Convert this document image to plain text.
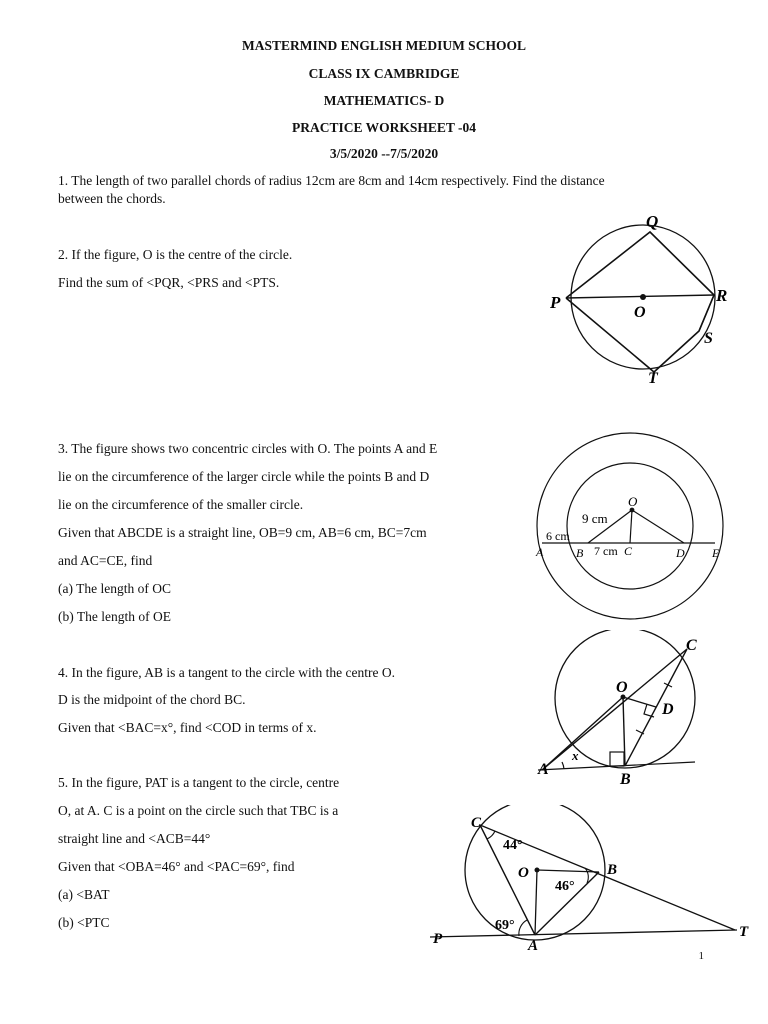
MASTERMIND ENGLISH MEDIUM SCHOOL
CLASS IX CAMBRIDGE
MATHEMATICS- D
PRACTICE WORKSHEET -04
3/5/2020 --7/5/2020
1. The length of two parallel chords of radius 12cm are 8cm and 14cm respectively. Find the distance
between the chords.
2. If the figure, O is the centre of the circle.
Find the sum of <PQR, <PRS and <PTS.
Q
R
S
T
P
O
3. The figure shows two concentric circles with O. The points A and E
lie on the circumference of the larger circle while the points B and D
lie on the circumference of the smaller circle.
Given that ABCDE is a straight line, OB=9 cm, AB=6 cm, BC=7cm
and AC=CE, find
(a) The length of OC
(b) The length of OE
O
9 cm
6 cm
7 cm
A	B	C	D E
4. In the figure, AB is a tangent to the circle with the centre O.
D is the midpoint of the chord BC.
Given that <BAC=x°, find <COD in terms of x.
C
O
D
x
A
B
5. In the figure, PAT is a tangent to the circle, centre
O, at A. C is a point on the circle such that TBC is a
straight line and <ACB=44°
Given that <OBA=46° and <PAC=69°, find
(a) <BAT
(b) <PTC
C
44°
O
46°
B
69°
P	A
T
1
